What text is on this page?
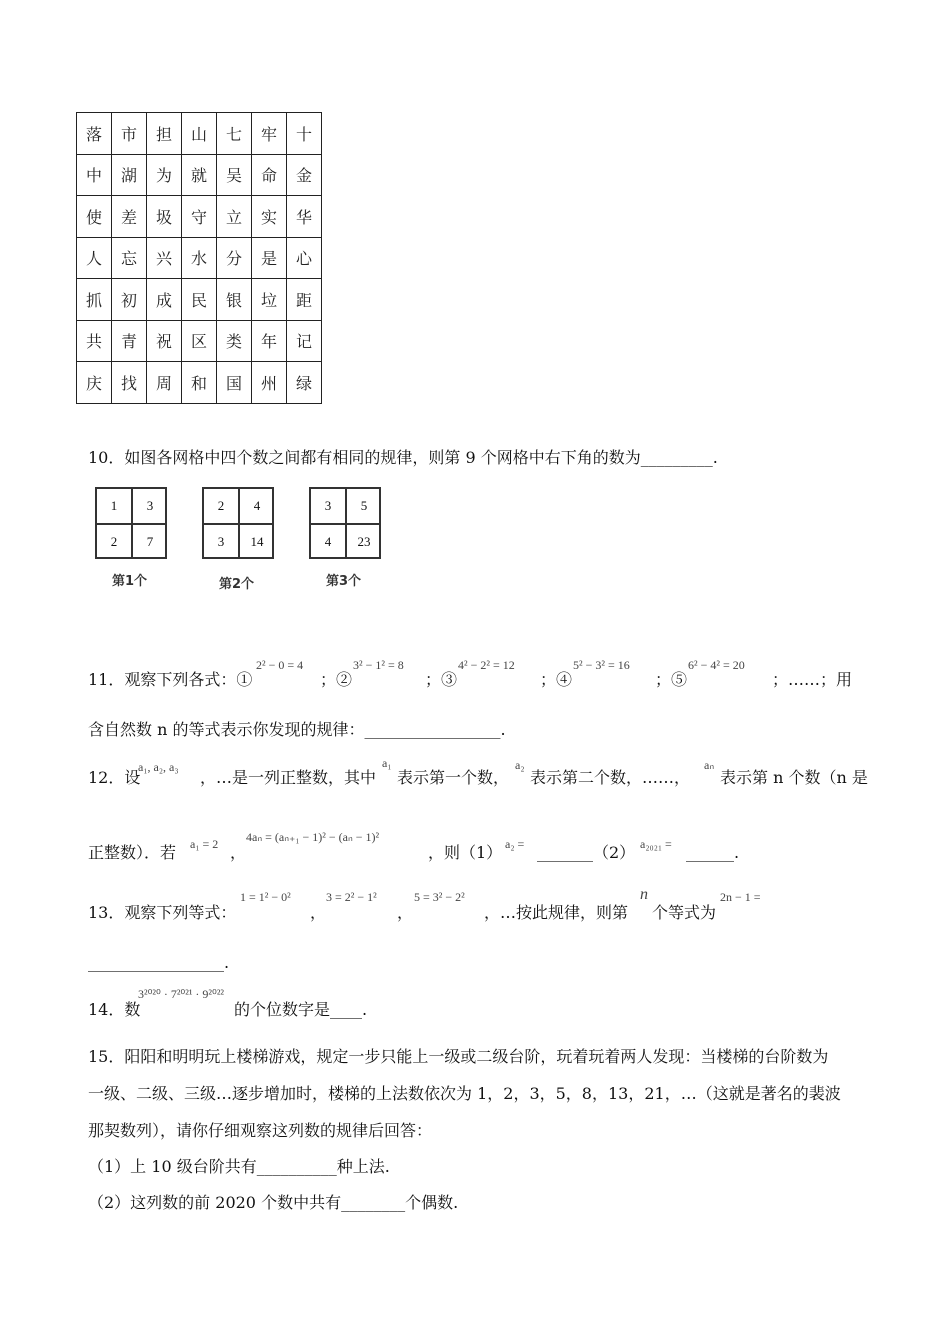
落	市	担	山	七	牢	十
中	湖	为	就	吴	命	金
使	差	圾	守	立	实	华
人	忘	兴	水	分	是	心
抓	初	成	民	银	垃	距
共	青	祝	区	类	年	记
庆	找	周	和	国	州	绿
10．如图各网格中四个数之间都有相同的规律，则第 9 个网格中右下角的数为_________.
1	3
2	7
第1个
2	4
3	14
第2个
3	5
4	23
第3个
11．观察下列各式：①
2² − 0 = 4
；②
3² − 1² = 8
；③
4² − 2² = 12
；④
5² − 3² = 16
；⑤
6² − 4² = 20
；……；用
含自然数 n 的等式表示你发现的规律：_________________.
12．设
a₁, a₂, a₃
，…是一列正整数，其中
a₁
表示第一个数，
a₂
表示第二个数，……，
aₙ
表示第 n 个数（n 是
正整数）．若 a₁ = 2 ，
4aₙ = (aₙ₊₁ − 1)² − (aₙ − 1)²
，则（1） a₂ = _______（2） a₂₀₂₁ = ______.
13．观察下列等式：
1 = 1² − 0²
，
3 = 2² − 1²
，
5 = 3² − 2²
，…按此规律，则第
n
个等式为
2n − 1 =
_________________.
14．数
3²⁰²⁰ · 7²⁰²¹ · 9²⁰²²
的个位数字是____.
15．阳阳和明明玩上楼梯游戏，规定一步只能上一级或二级台阶，玩着玩着两人发现：当楼梯的台阶数为
一级、二级、三级…逐步增加时，楼梯的上法数依次为 1，2，3，5，8，13，21，…（这就是著名的裴波
那契数列），请你仔细观察这列数的规律后回答：
（1）上 10 级台阶共有__________种上法.
（2）这列数的前 2020 个数中共有________个偶数.
